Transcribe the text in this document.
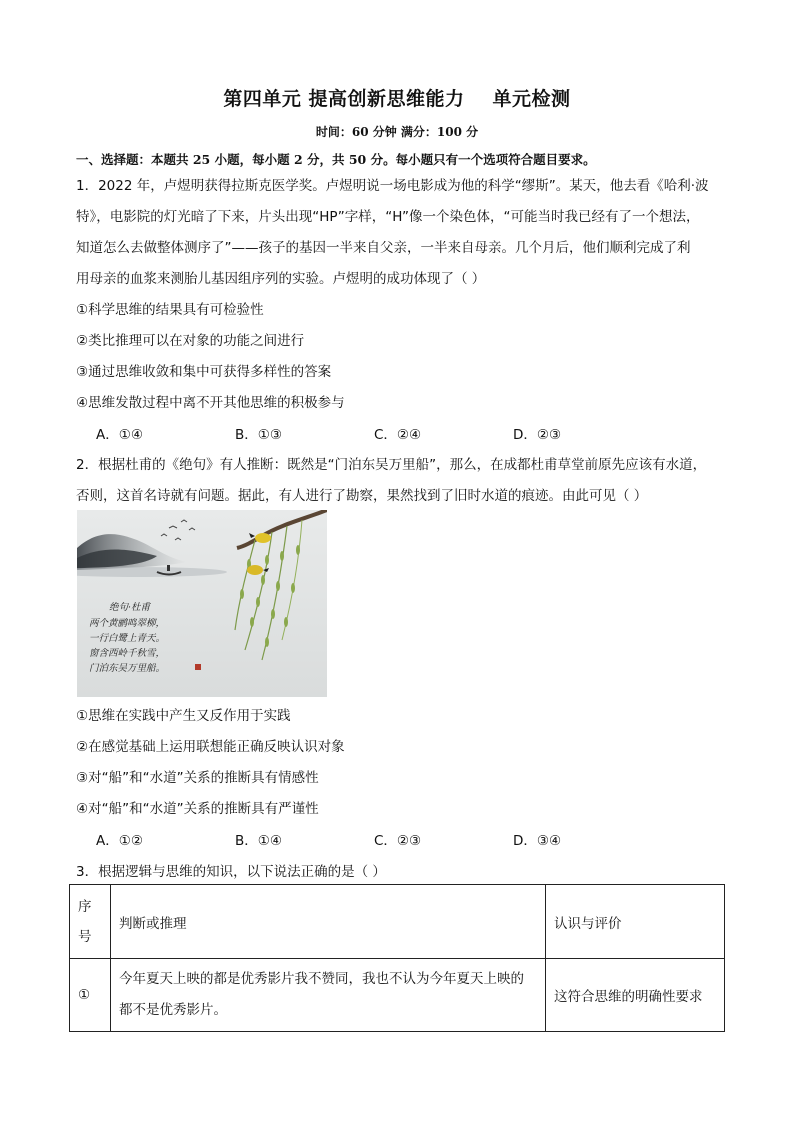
第四单元 提高创新思维能力 单元检测
时间：60 分钟 满分：100 分
一、选择题：本题共 25 小题，每小题 2 分，共 50 分。每小题只有一个选项符合题目要求。
1．2022 年，卢煜明获得拉斯克医学奖。卢煜明说一场电影成为他的科学“缪斯”。某天，他去看《哈利·波
特》，电影院的灯光暗了下来，片头出现“HP”字样，“H”像一个染色体，“可能当时我已经有了一个想法，
知道怎么去做整体测序了”——孩子的基因一半来自父亲，一半来自母亲。几个月后，他们顺利完成了利
用母亲的血浆来测胎儿基因组序列的实验。卢煜明的成功体现了（ ）
①科学思维的结果具有可检验性
②类比推理可以在对象的功能之间进行
③通过思维收敛和集中可获得多样性的答案
④思维发散过程中离不开其他思维的积极参与
A．①④	B．①③	C．②④	D．②③
2．根据杜甫的《绝句》有人推断：既然是“门泊东吴万里船”，那么，在成都杜甫草堂前原先应该有水道，
否则，这首名诗就有问题。据此，有人进行了勘察，果然找到了旧时水道的痕迹。由此可见（ ）
绝句·杜甫
两个黄鹂鸣翠柳，
一行白鹭上青天。
窗含西岭千秋雪，
门泊东吴万里船。
①思维在实践中产生又反作用于实践
②在感觉基础上运用联想能正确反映认识对象
③对“船”和“水道”关系的推断具有情感性
④对“船”和“水道”关系的推断具有严谨性
A．①②	B．①④	C．②③	D．③④
3．根据逻辑与思维的知识，以下说法正确的是（ ）
序号	判断或推理	认识与评价
①	今年夏天上映的都是优秀影片我不赞同，我也不认为今年夏天上映的
都不是优秀影片。	这符合思维的明确性要求
